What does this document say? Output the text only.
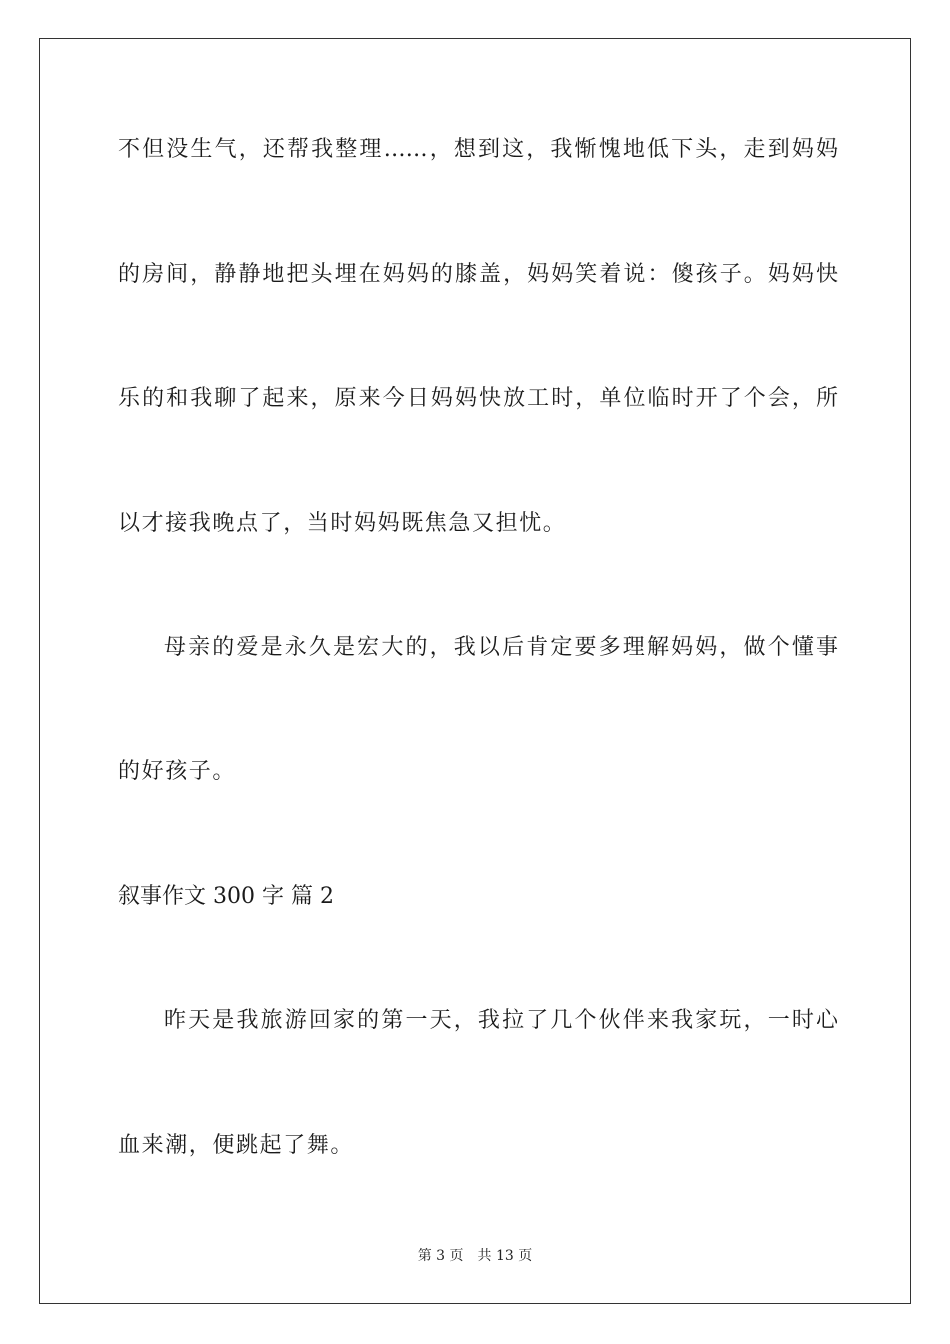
不但没生气，还帮我整理……，想到这，我惭愧地低下头，走到妈妈
的房间，静静地把头埋在妈妈的膝盖，妈妈笑着说：傻孩子。妈妈快
乐的和我聊了起来，原来今日妈妈快放工时，单位临时开了个会，所
以才接我晚点了，当时妈妈既焦急又担忧。
母亲的爱是永久是宏大的，我以后肯定要多理解妈妈，做个懂事
的好孩子。
叙事作文 300 字 篇 2
昨天是我旅游回家的第一天，我拉了几个伙伴来我家玩，一时心
血来潮，便跳起了舞。
第 3 页 共 13 页
